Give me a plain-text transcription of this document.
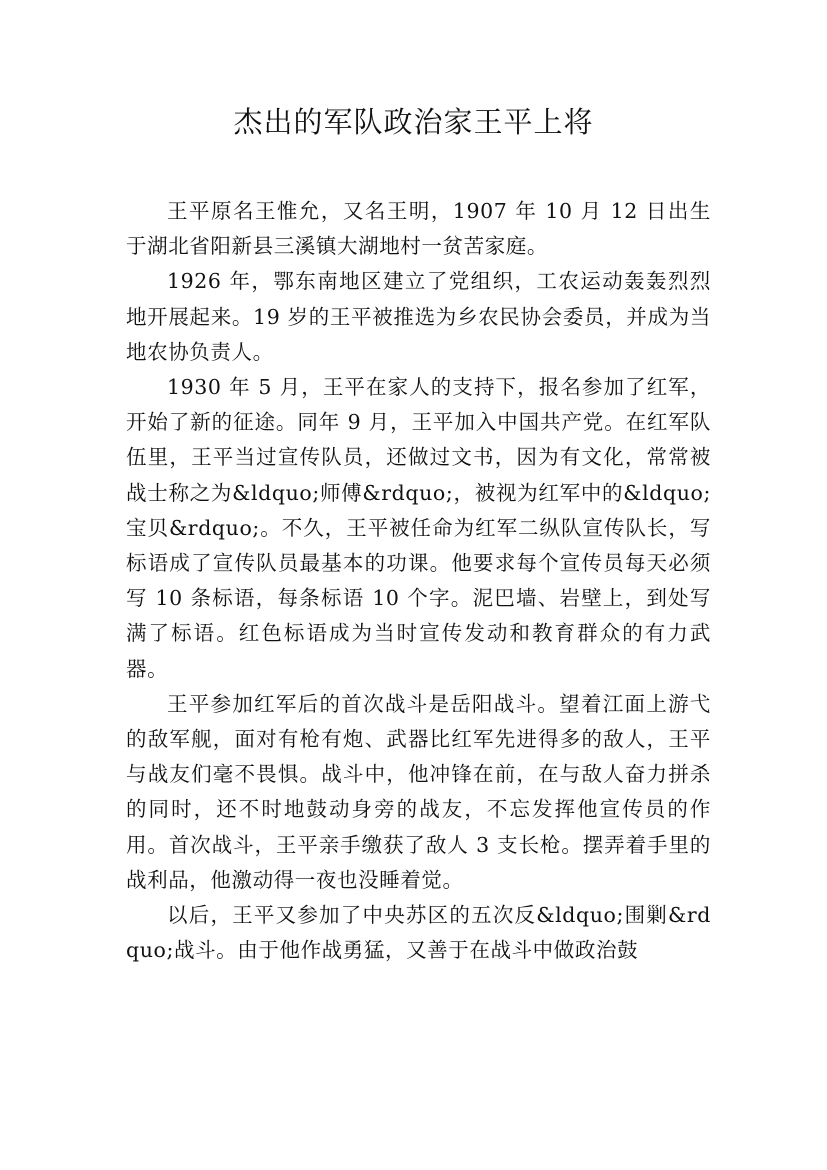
杰出的军队政治家王平上将

王平原名王惟允，又名王明，1907 年 10 月 12 日出生于湖北省阳新县三溪镇大湖地村一贫苦家庭。

1926 年，鄂东南地区建立了党组织，工农运动轰轰烈烈地开展起来。19 岁的王平被推选为乡农民协会委员，并成为当地农协负责人。

1930 年 5 月，王平在家人的支持下，报名参加了红军，开始了新的征途。同年 9 月，王平加入中国共产党。在红军队伍里，王平当过宣传队员，还做过文书，因为有文化，常常被战士称之为&ldquo;师傅&rdquo;，被视为红军中的&ldquo;宝贝&rdquo;。不久，王平被任命为红军二纵队宣传队长，写标语成了宣传队员最基本的功课。他要求每个宣传员每天必须写 10 条标语，每条标语 10 个字。泥巴墙、岩壁上，到处写满了标语。红色标语成为当时宣传发动和教育群众的有力武器。

王平参加红军后的首次战斗是岳阳战斗。望着江面上游弋的敌军舰，面对有枪有炮、武器比红军先进得多的敌人，王平与战友们毫不畏惧。战斗中，他冲锋在前，在与敌人奋力拼杀的同时，还不时地鼓动身旁的战友，不忘发挥他宣传员的作用。首次战斗，王平亲手缴获了敌人 3 支长枪。摆弄着手里的战利品，他激动得一夜也没睡着觉。

以后，王平又参加了中央苏区的五次反&ldquo;围剿&rdquo;战斗。由于他作战勇猛，又善于在战斗中做政治鼓
